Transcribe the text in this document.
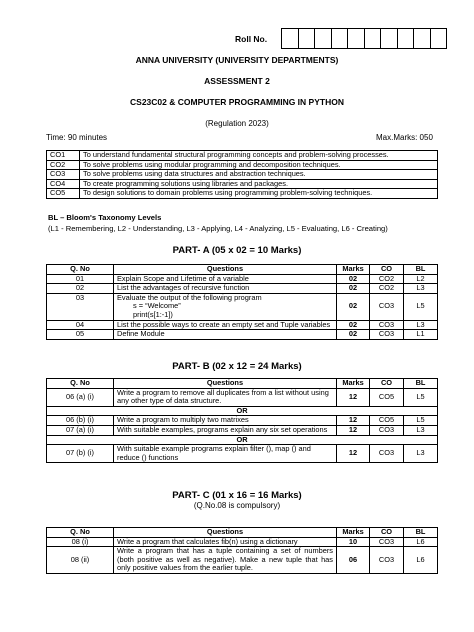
Roll No.
ANNA UNIVERSITY (UNIVERSITY DEPARTMENTS)
ASSESSMENT 2
CS23C02 & COMPUTER PROGRAMMING IN PYTHON
(Regulation 2023)
Time: 90 minutes	Max.Marks: 050
CO1	To understand fundamental structural programming concepts and problem-solving processes.
CO2	To solve problems using modular programming and decomposition techniques.
CO3	To solve problems using data structures and abstraction techniques.
CO4	To create programming solutions using libraries and packages.
CO5	To design solutions to domain problems using programming problem-solving techniques.
BL – Bloom's Taxonomy Levels
(L1 - Remembering, L2 - Understanding, L3 - Applying, L4 - Analyzing, L5 - Evaluating, L6 - Creating)
PART- A (05 x 02 = 10 Marks)
Q. No	Questions	Marks	CO	BL
01	Explain Scope and Lifetime of a variable	02	CO2	L2
02	List the advantages of recursive function	02	CO2	L3
03	Evaluate the output of the following program
s = “Welcome”
print(s[1:-1])	02	CO3	L5
04	List the possible ways to create an empty set and Tuple variables	02	CO3	L3
05	Define Module	02	CO3	L1
PART- B (02 x 12 = 24 Marks)
Q. No	Questions	Marks	CO	BL
06 (a) (i)	Write a program to remove all duplicates from a list without using any other type of data structure.	12	CO5	L5
OR				
06 (b) (i)	Write a program to multiply two matrixes	12	CO5	L5
07 (a) (i)	With suitable examples, programs explain any six set operations	12	CO3	L3
OR				
07 (b) (i)	With suitable example programs explain filter (), map () and reduce () functions	12	CO3	L3
PART- C (01 x 16 = 16 Marks)
(Q.No.08 is compulsory)
Q. No	Questions	Marks	CO	BL
08 (i)	Write a program that calculates fib(n) using a dictionary	10	CO3	L6
08 (ii)	Write a program that has a tuple containing a set of numbers (both positive as well as negative). Make a new tuple that has only positive values from the earlier tuple.	06	CO3	L6
